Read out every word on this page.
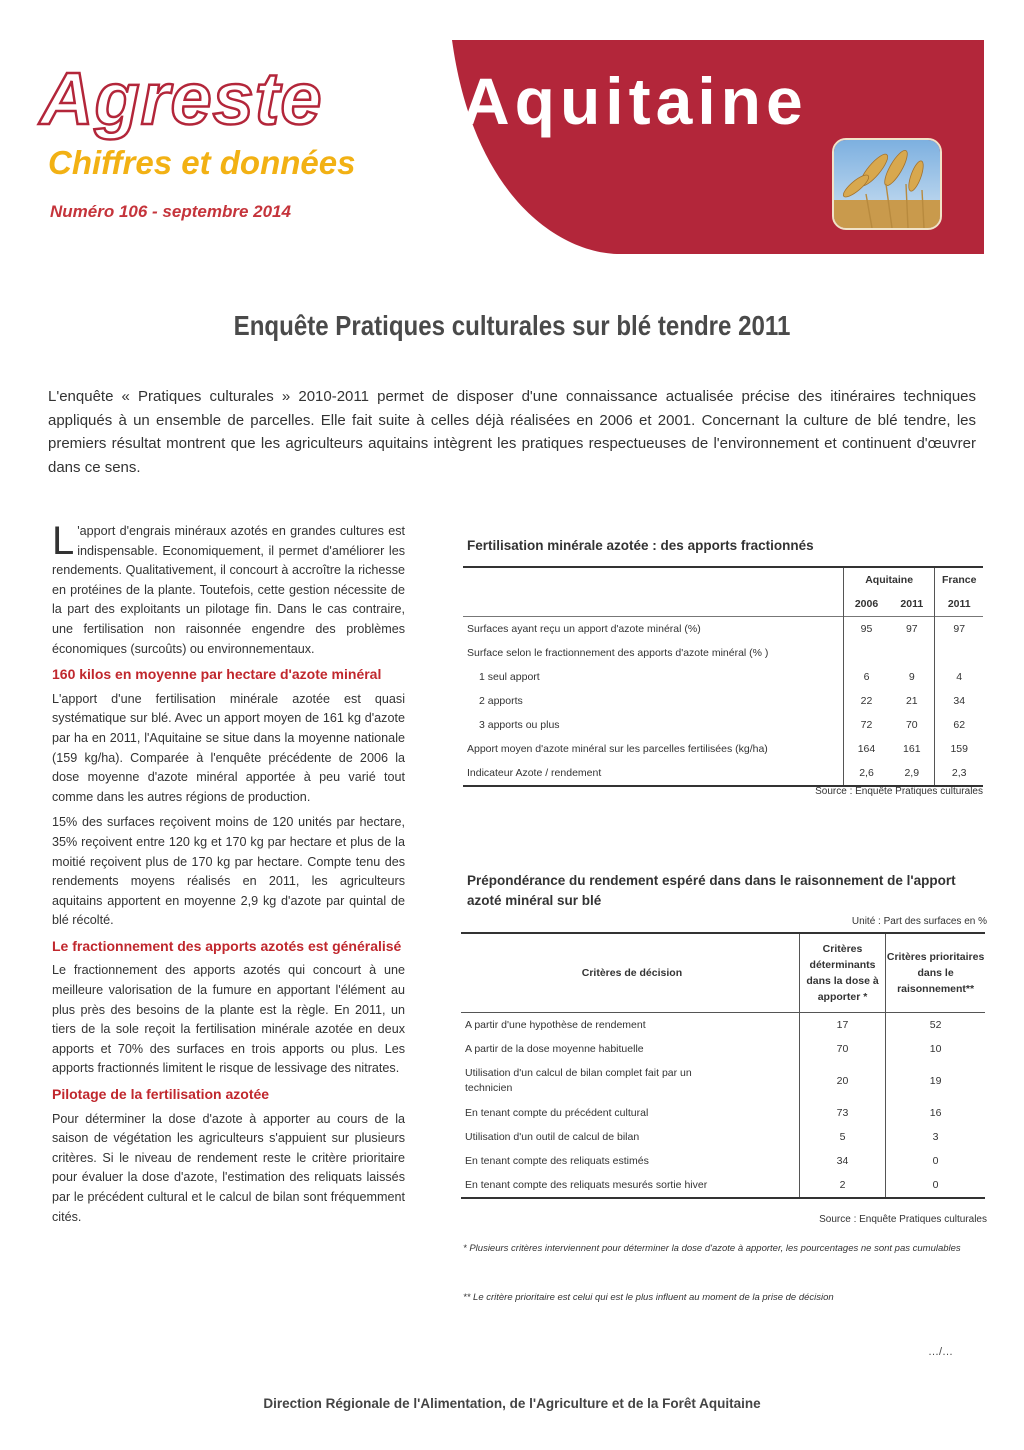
Agreste Aquitaine
Chiffres et données
Numéro 106 - septembre 2014
Enquête Pratiques culturales sur blé tendre 2011

L'enquête « Pratiques culturales » 2010-2011 permet de disposer d'une connaissance actualisée précise des itinéraires techniques appliqués à un ensemble de parcelles. Elle fait suite à celles déjà réalisées en 2006 et 2001. Concernant la culture de blé tendre, les premiers résultat montrent que les agriculteurs aquitains intègrent les pratiques respectueuses de l'environnement et continuent d'œuvrer dans ce sens.

L 'apport d'engrais minéraux azotés en grandes cultures est indispensable. Economiquement, il permet d'améliorer les rendements. Qualitativement, il concourt à accroître la richesse en protéines de la plante. Toutefois, cette gestion nécessite de la part des exploitants un pilotage fin. Dans le cas contraire, une fertilisation non raisonnée engendre des problèmes économiques (surcoûts) ou environnementaux.

160 kilos en moyenne par hectare d'azote minéral

L'apport d'une fertilisation minérale azotée est quasi systématique sur blé. Avec un apport moyen de 161 kg d'azote par ha en 2011, l'Aquitaine se situe dans la moyenne nationale (159 kg/ha). Comparée à l'enquête précédente de 2006 la dose moyenne d'azote minéral apportée à peu varié tout comme dans les autres régions de production.

15% des surfaces reçoivent moins de 120 unités par hectare, 35% reçoivent entre 120 kg et 170 kg par hectare et plus de la moitié reçoivent plus de 170 kg par hectare. Compte tenu des rendements moyens réalisés en 2011, les agriculteurs aquitains apportent en moyenne 2,9 kg d'azote par quintal de blé récolté.

Le fractionnement des apports azotés est généralisé

Le fractionnement des apports azotés qui concourt à une meilleure valorisation de la fumure en apportant l'élément au plus près des besoins de la plante est la règle. En 2011, un tiers de la sole reçoit la fertilisation minérale azotée en deux apports et 70% des surfaces en trois apports ou plus. Les apports fractionnés limitent le risque de lessivage des nitrates.

Pilotage de la fertilisation azotée

Pour déterminer la dose d'azote à apporter au cours de la saison de végétation les agriculteurs s'appuient sur plusieurs critères. Si le niveau de rendement reste le critère prioritaire pour évaluer la dose d'azote, l'estimation des reliquats laissés par le précédent cultural et le calcul de bilan sont fréquemment cités.

Fertilisation minérale azotée : des apports fractionnés
	Aquitaine		France
	2006	2011	2011
Surfaces ayant reçu un apport d'azote minéral (%)	95	97	97
Surface selon le fractionnement des apports d'azote minéral (% )			
1 seul apport	6	9	4
2 apports	22	21	34
3 apports ou plus	72	70	62
Apport moyen d'azote minéral sur les parcelles fertilisées (kg/ha)	164	161	159
Indicateur Azote / rendement	2,6	2,9	2,3
Source : Enquête Pratiques culturales
Prépondérance du rendement espéré dans dans le raisonnement de l'apport azoté minéral sur blé
Unité : Part des surfaces en %
Critères de décision	Critères déterminants dans la dose à apporter *	Critères prioritaires dans le raisonnement**
A partir d'une hypothèse de rendement	17	52
A partir de la dose moyenne habituelle	70	10
Utilisation d'un calcul de bilan complet fait par un technicien	20	19
En tenant compte du précédent cultural	73	16
Utilisation d'un outil de calcul de bilan	5	3
En tenant compte des reliquats estimés	34	0
En tenant compte des reliquats mesurés sortie hiver	2	0
Source : Enquête Pratiques culturales
* Plusieurs critères interviennent pour déterminer la dose d'azote à apporter, les pourcentages ne sont pas cumulables
** Le critère prioritaire est celui qui est le plus influent au moment de la prise de décision
…/…
Direction Régionale de l'Alimentation, de l'Agriculture et de la Forêt Aquitaine
